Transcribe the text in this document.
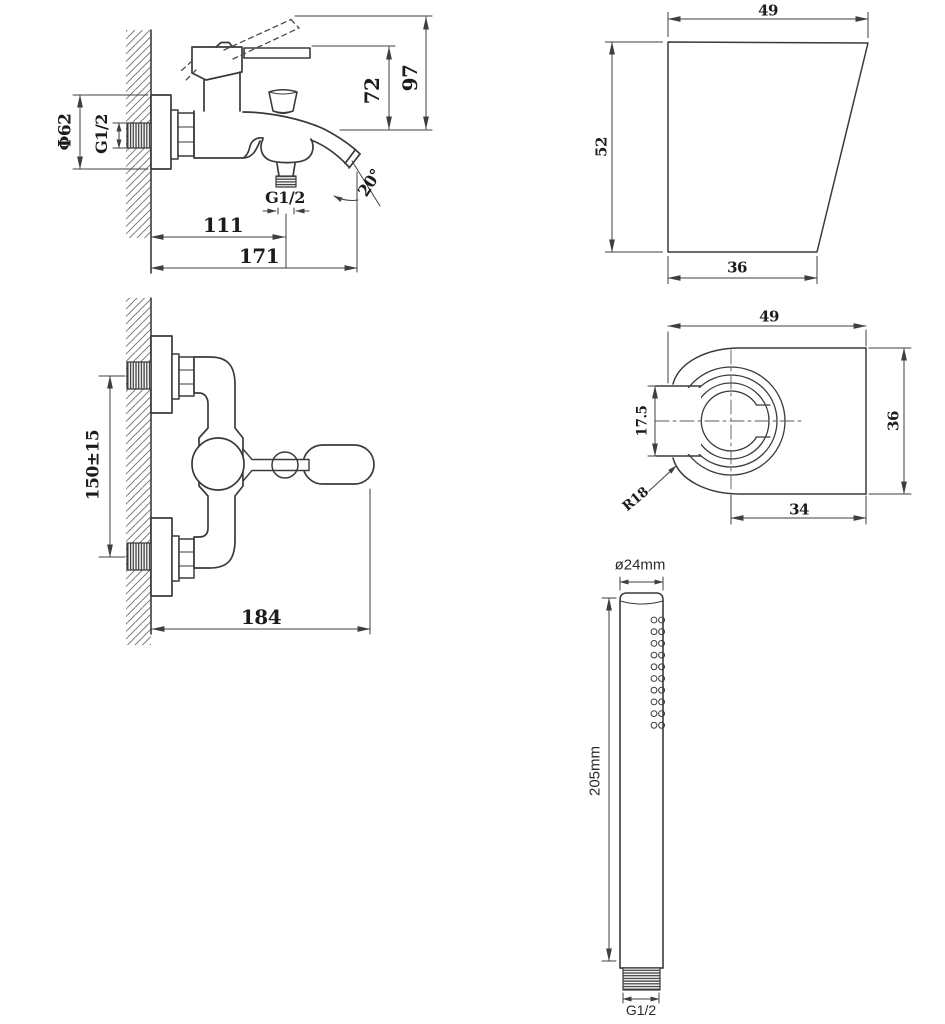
Φ62 G1/2
72 97
111
171
G1/2	20°
49
52
36
49
17.5
R18	34
36
150±15
184
ø24mm
205mm
G1/2
